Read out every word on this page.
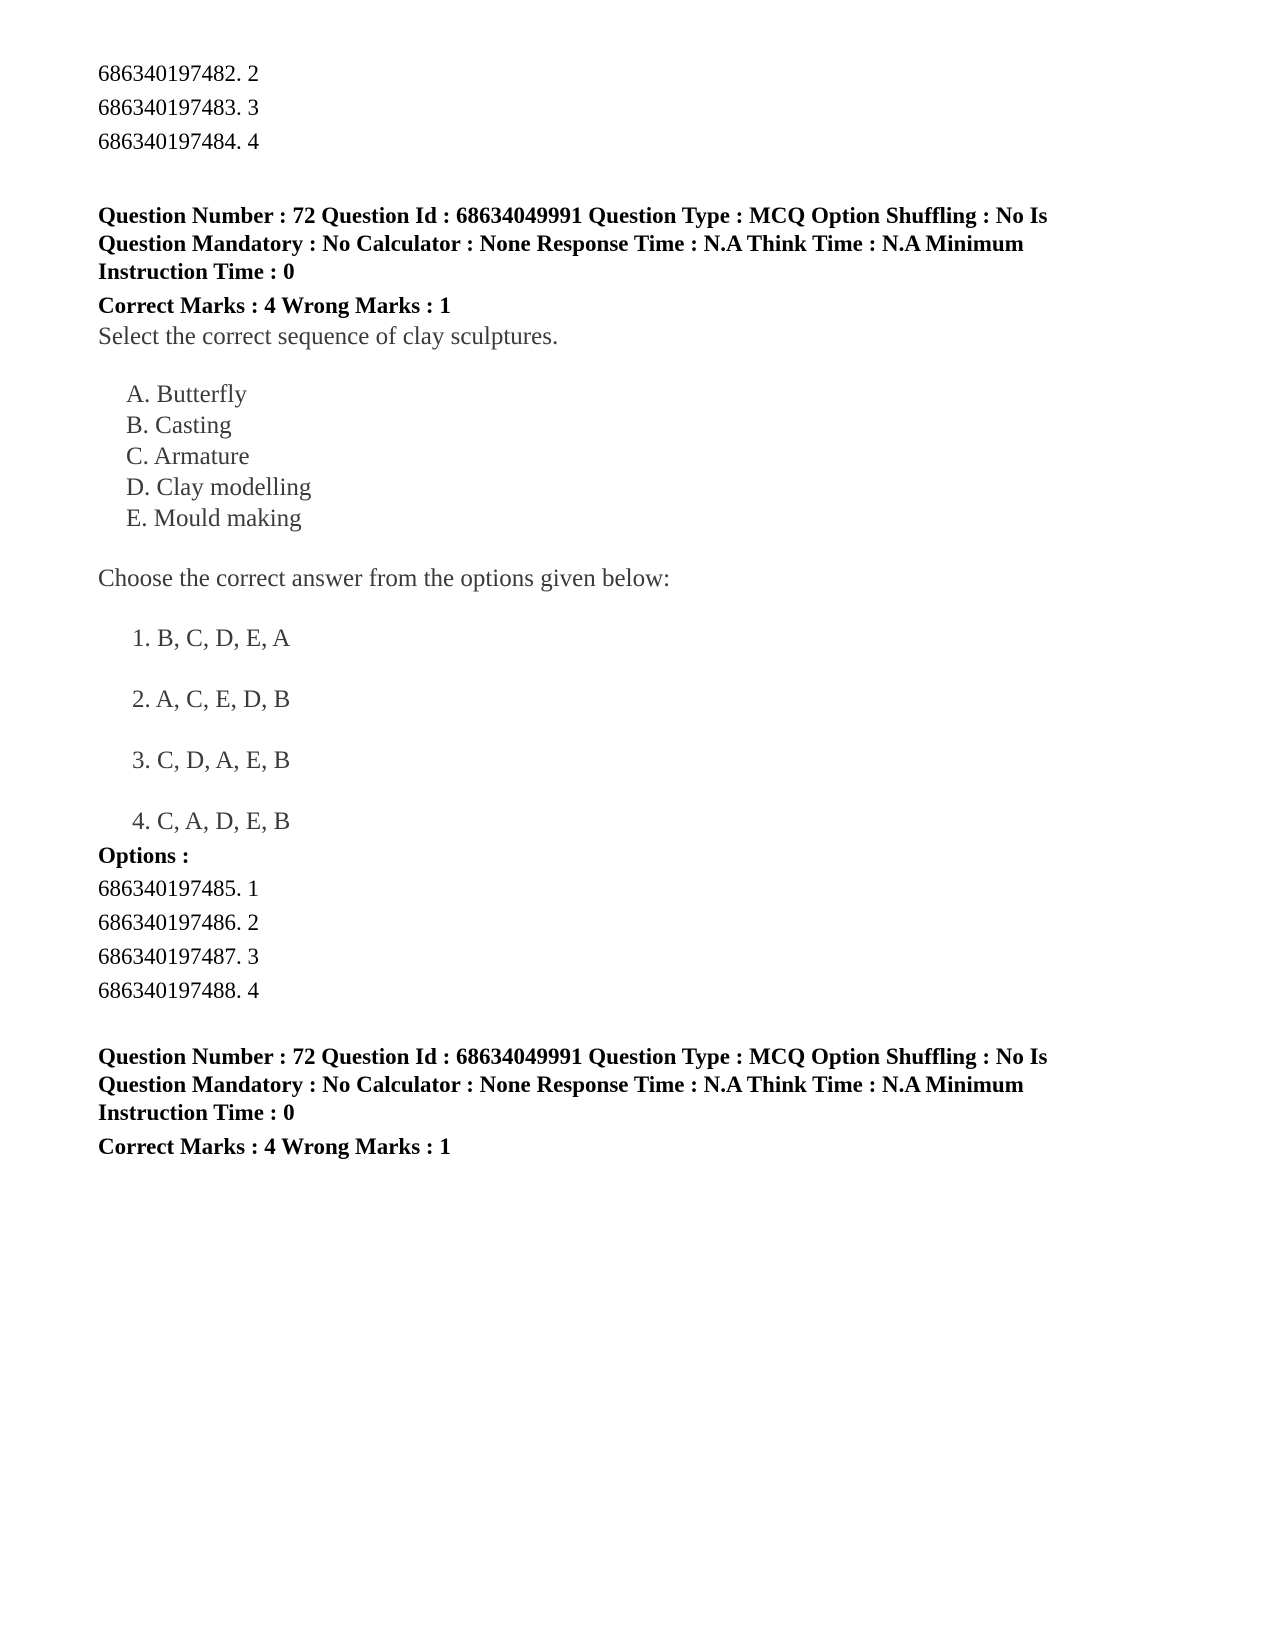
686340197482. 2
686340197483. 3
686340197484. 4
Question Number : 72 Question Id : 68634049991 Question Type : MCQ Option Shuffling : No Is
Question Mandatory : No Calculator : None Response Time : N.A Think Time : N.A Minimum
Instruction Time : 0
Correct Marks : 4 Wrong Marks : 1
Select the correct sequence of clay sculptures.
A. Butterfly
B. Casting
C. Armature
D. Clay modelling
E. Mould making
Choose the correct answer from the options given below:
1. B, C, D, E, A
2. A, C, E, D, B
3. C, D, A, E, B
4. C, A, D, E, B
Options :
686340197485. 1
686340197486. 2
686340197487. 3
686340197488. 4
Question Number : 72 Question Id : 68634049991 Question Type : MCQ Option Shuffling : No Is
Question Mandatory : No Calculator : None Response Time : N.A Think Time : N.A Minimum
Instruction Time : 0
Correct Marks : 4 Wrong Marks : 1
